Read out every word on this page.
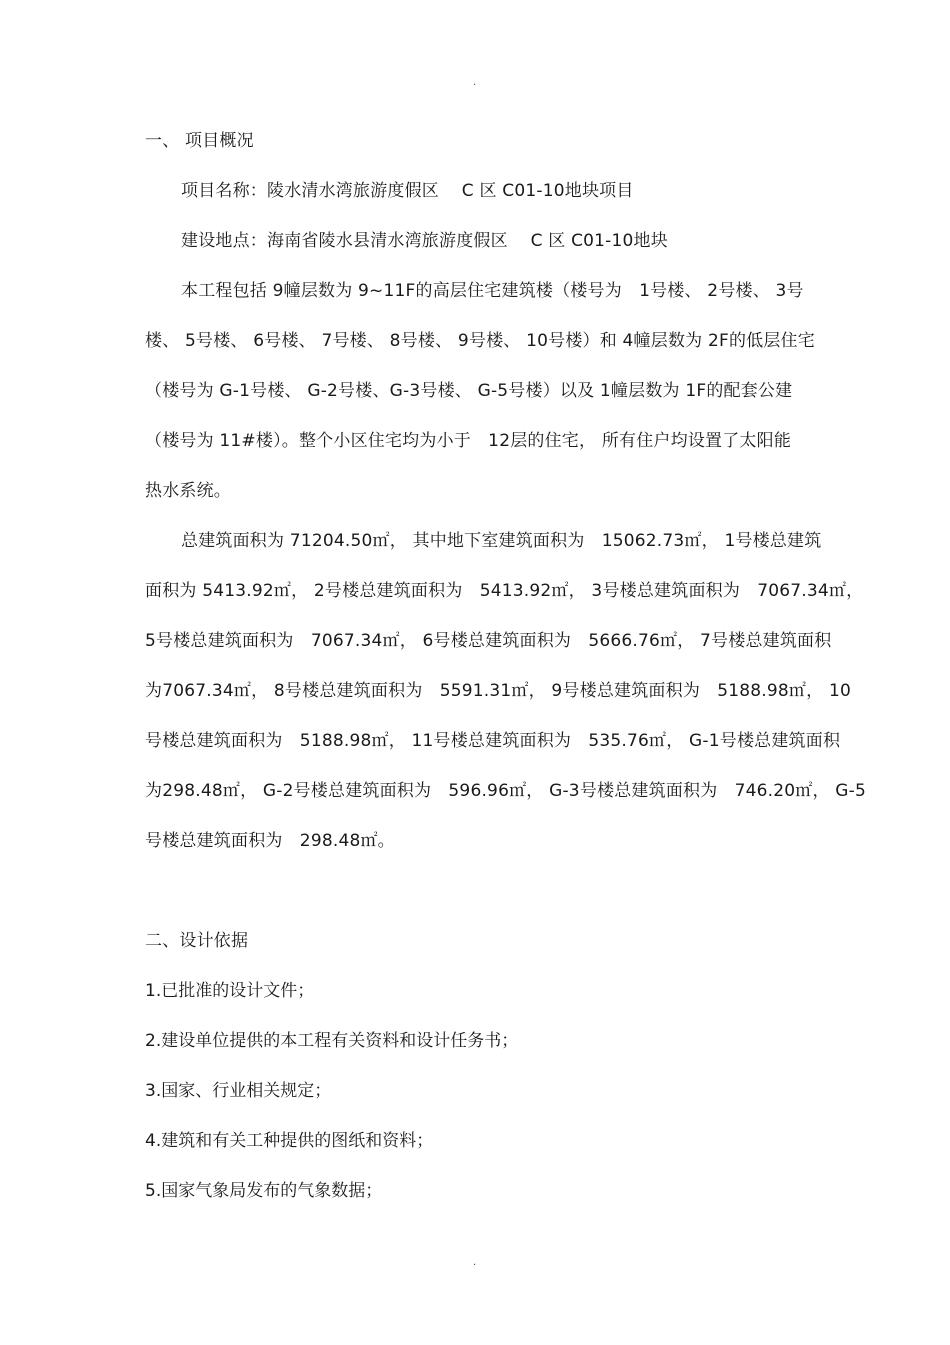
.
一、 项目概况
项目名称：陵水清水湾旅游度假区　 C 区 C01-10地块项目
建设地点：海南省陵水县清水湾旅游度假区　 C 区 C01-10地块
本工程包括 9幢层数为 9~11F的高层住宅建筑楼（楼号为　1号楼、 2号楼、 3号
楼、 5号楼、 6号楼、 7号楼、 8号楼、 9号楼、 10号楼）和 4幢层数为 2F的低层住宅
（楼号为 G-1号楼、 G-2号楼、G-3号楼、 G-5号楼）以及 1幢层数为 1F的配套公建
（楼号为 11#楼）。整个小区住宅均为小于　12层的住宅， 所有住户均设置了太阳能
热水系统。
总建筑面积为 71204.50㎡， 其中地下室建筑面积为　15062.73㎡， 1号楼总建筑
面积为 5413.92㎡， 2号楼总建筑面积为　5413.92㎡， 3号楼总建筑面积为　7067.34㎡，
5号楼总建筑面积为　7067.34㎡， 6号楼总建筑面积为　5666.76㎡， 7号楼总建筑面积
为7067.34㎡， 8号楼总建筑面积为　5591.31㎡， 9号楼总建筑面积为　5188.98㎡， 10
号楼总建筑面积为　5188.98㎡， 11号楼总建筑面积为　535.76㎡， G-1号楼总建筑面积
为298.48㎡， G-2号楼总建筑面积为　596.96㎡， G-3号楼总建筑面积为　746.20㎡， G-5
号楼总建筑面积为　298.48㎡。
二、设计依据
1.已批准的设计文件；
2.建设单位提供的本工程有关资料和设计任务书；
3.国家、行业相关规定；
4.建筑和有关工种提供的图纸和资料；
5.国家气象局发布的气象数据；
.
